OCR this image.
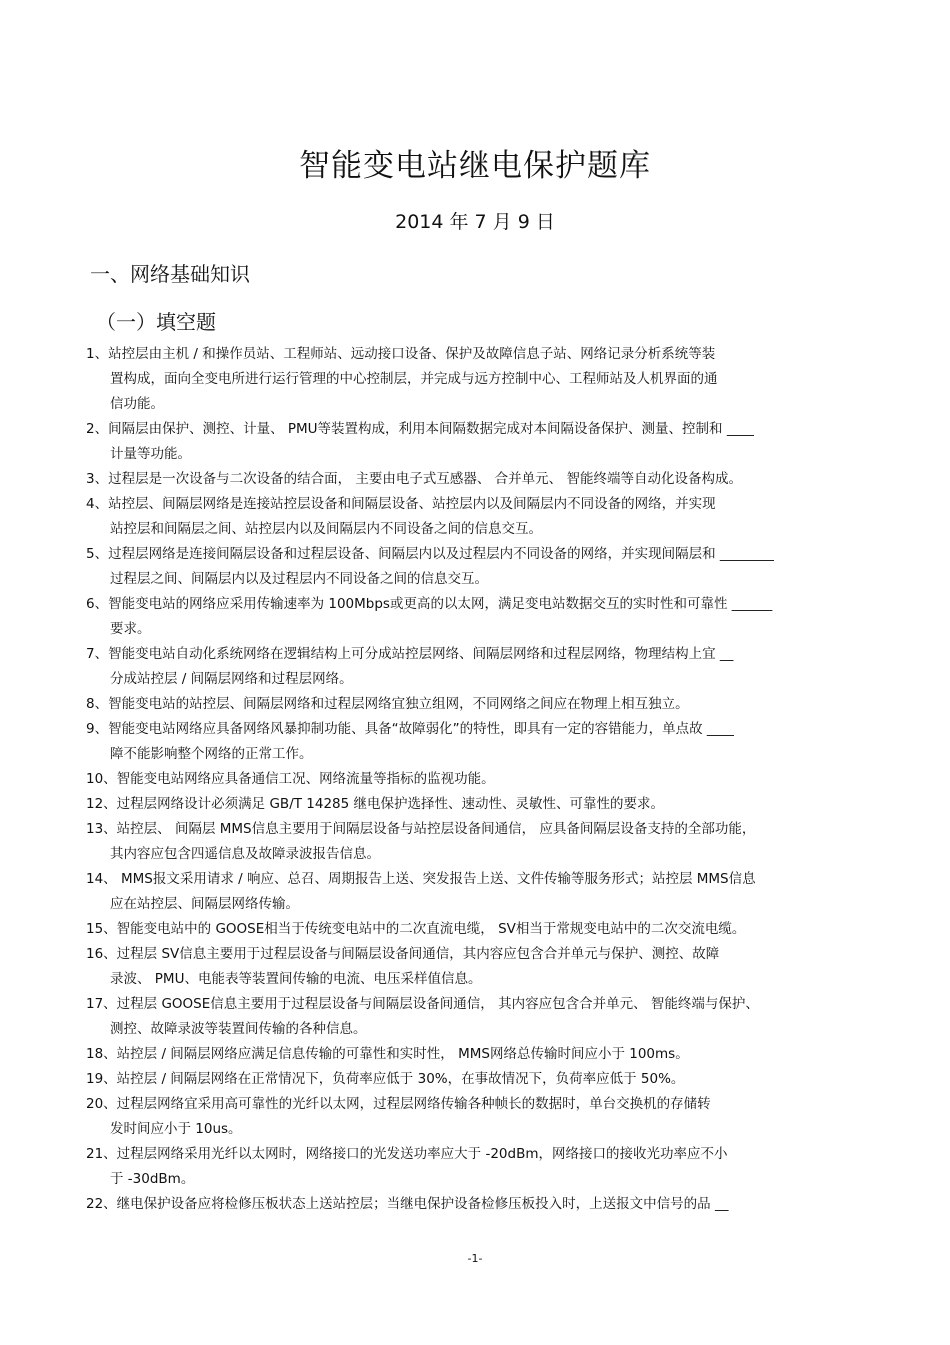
智能变电站继电保护题库
2014 年 7 月 9 日
一、网络基础知识
（一）填空题
1、站控层由主机 / 和操作员站、工程师站、远动接口设备、保护及故障信息子站、网络记录分析系统等装
置构成，面向全变电所进行运行管理的中心控制层，并完成与远方控制中心、工程师站及人机界面的通
信功能。
2、间隔层由保护、测控、计量、 PMU等装置构成，利用本间隔数据完成对本间隔设备保护、测量、控制和 ____
计量等功能。
3、过程层是一次设备与二次设备的结合面， 主要由电子式互感器、 合并单元、 智能终端等自动化设备构成。
4、站控层、间隔层网络是连接站控层设备和间隔层设备、站控层内以及间隔层内不同设备的网络，并实现
站控层和间隔层之间、站控层内以及间隔层内不同设备之间的信息交互。
5、过程层网络是连接间隔层设备和过程层设备、间隔层内以及过程层内不同设备的网络，并实现间隔层和 ________
过程层之间、间隔层内以及过程层内不同设备之间的信息交互。
6、智能变电站的网络应采用传输速率为 100Mbps或更高的以太网，满足变电站数据交互的实时性和可靠性 ______
要求。
7、智能变电站自动化系统网络在逻辑结构上可分成站控层网络、间隔层网络和过程层网络，物理结构上宜 __
分成站控层 / 间隔层网络和过程层网络。
8、智能变电站的站控层、间隔层网络和过程层网络宜独立组网，不同网络之间应在物理上相互独立。
9、智能变电站网络应具备网络风暴抑制功能、具备“故障弱化”的特性，即具有一定的容错能力，单点故 ____
障不能影响整个网络的正常工作。
10、智能变电站网络应具备通信工况、网络流量等指标的监视功能。
12、过程层网络设计必须满足 GB/T 14285 继电保护选择性、速动性、灵敏性、可靠性的要求。
13、站控层、 间隔层 MMS信息主要用于间隔层设备与站控层设备间通信， 应具备间隔层设备支持的全部功能，
其内容应包含四遥信息及故障录波报告信息。
14、 MMS报文采用请求 / 响应、总召、周期报告上送、突发报告上送、文件传输等服务形式；站控层 MMS信息
应在站控层、间隔层网络传输。
15、智能变电站中的 GOOSE相当于传统变电站中的二次直流电缆， SV相当于常规变电站中的二次交流电缆。
16、过程层 SV信息主要用于过程层设备与间隔层设备间通信，其内容应包含合并单元与保护、测控、故障
录波、 PMU、电能表等装置间传输的电流、电压采样值信息。
17、过程层 GOOSE信息主要用于过程层设备与间隔层设备间通信， 其内容应包含合并单元、 智能终端与保护、
测控、故障录波等装置间传输的各种信息。
18、站控层 / 间隔层网络应满足信息传输的可靠性和实时性， MMS网络总传输时间应小于 100ms。
19、站控层 / 间隔层网络在正常情况下，负荷率应低于 30%，在事故情况下，负荷率应低于 50%。
20、过程层网络宜采用高可靠性的光纤以太网，过程层网络传输各种帧长的数据时，单台交换机的存储转
发时间应小于 10us。
21、过程层网络采用光纤以太网时，网络接口的光发送功率应大于 -20dBm，网络接口的接收光功率应不小
于 -30dBm。
22、继电保护设备应将检修压板状态上送站控层；当继电保护设备检修压板投入时，上送报文中信号的品 __
-1-
